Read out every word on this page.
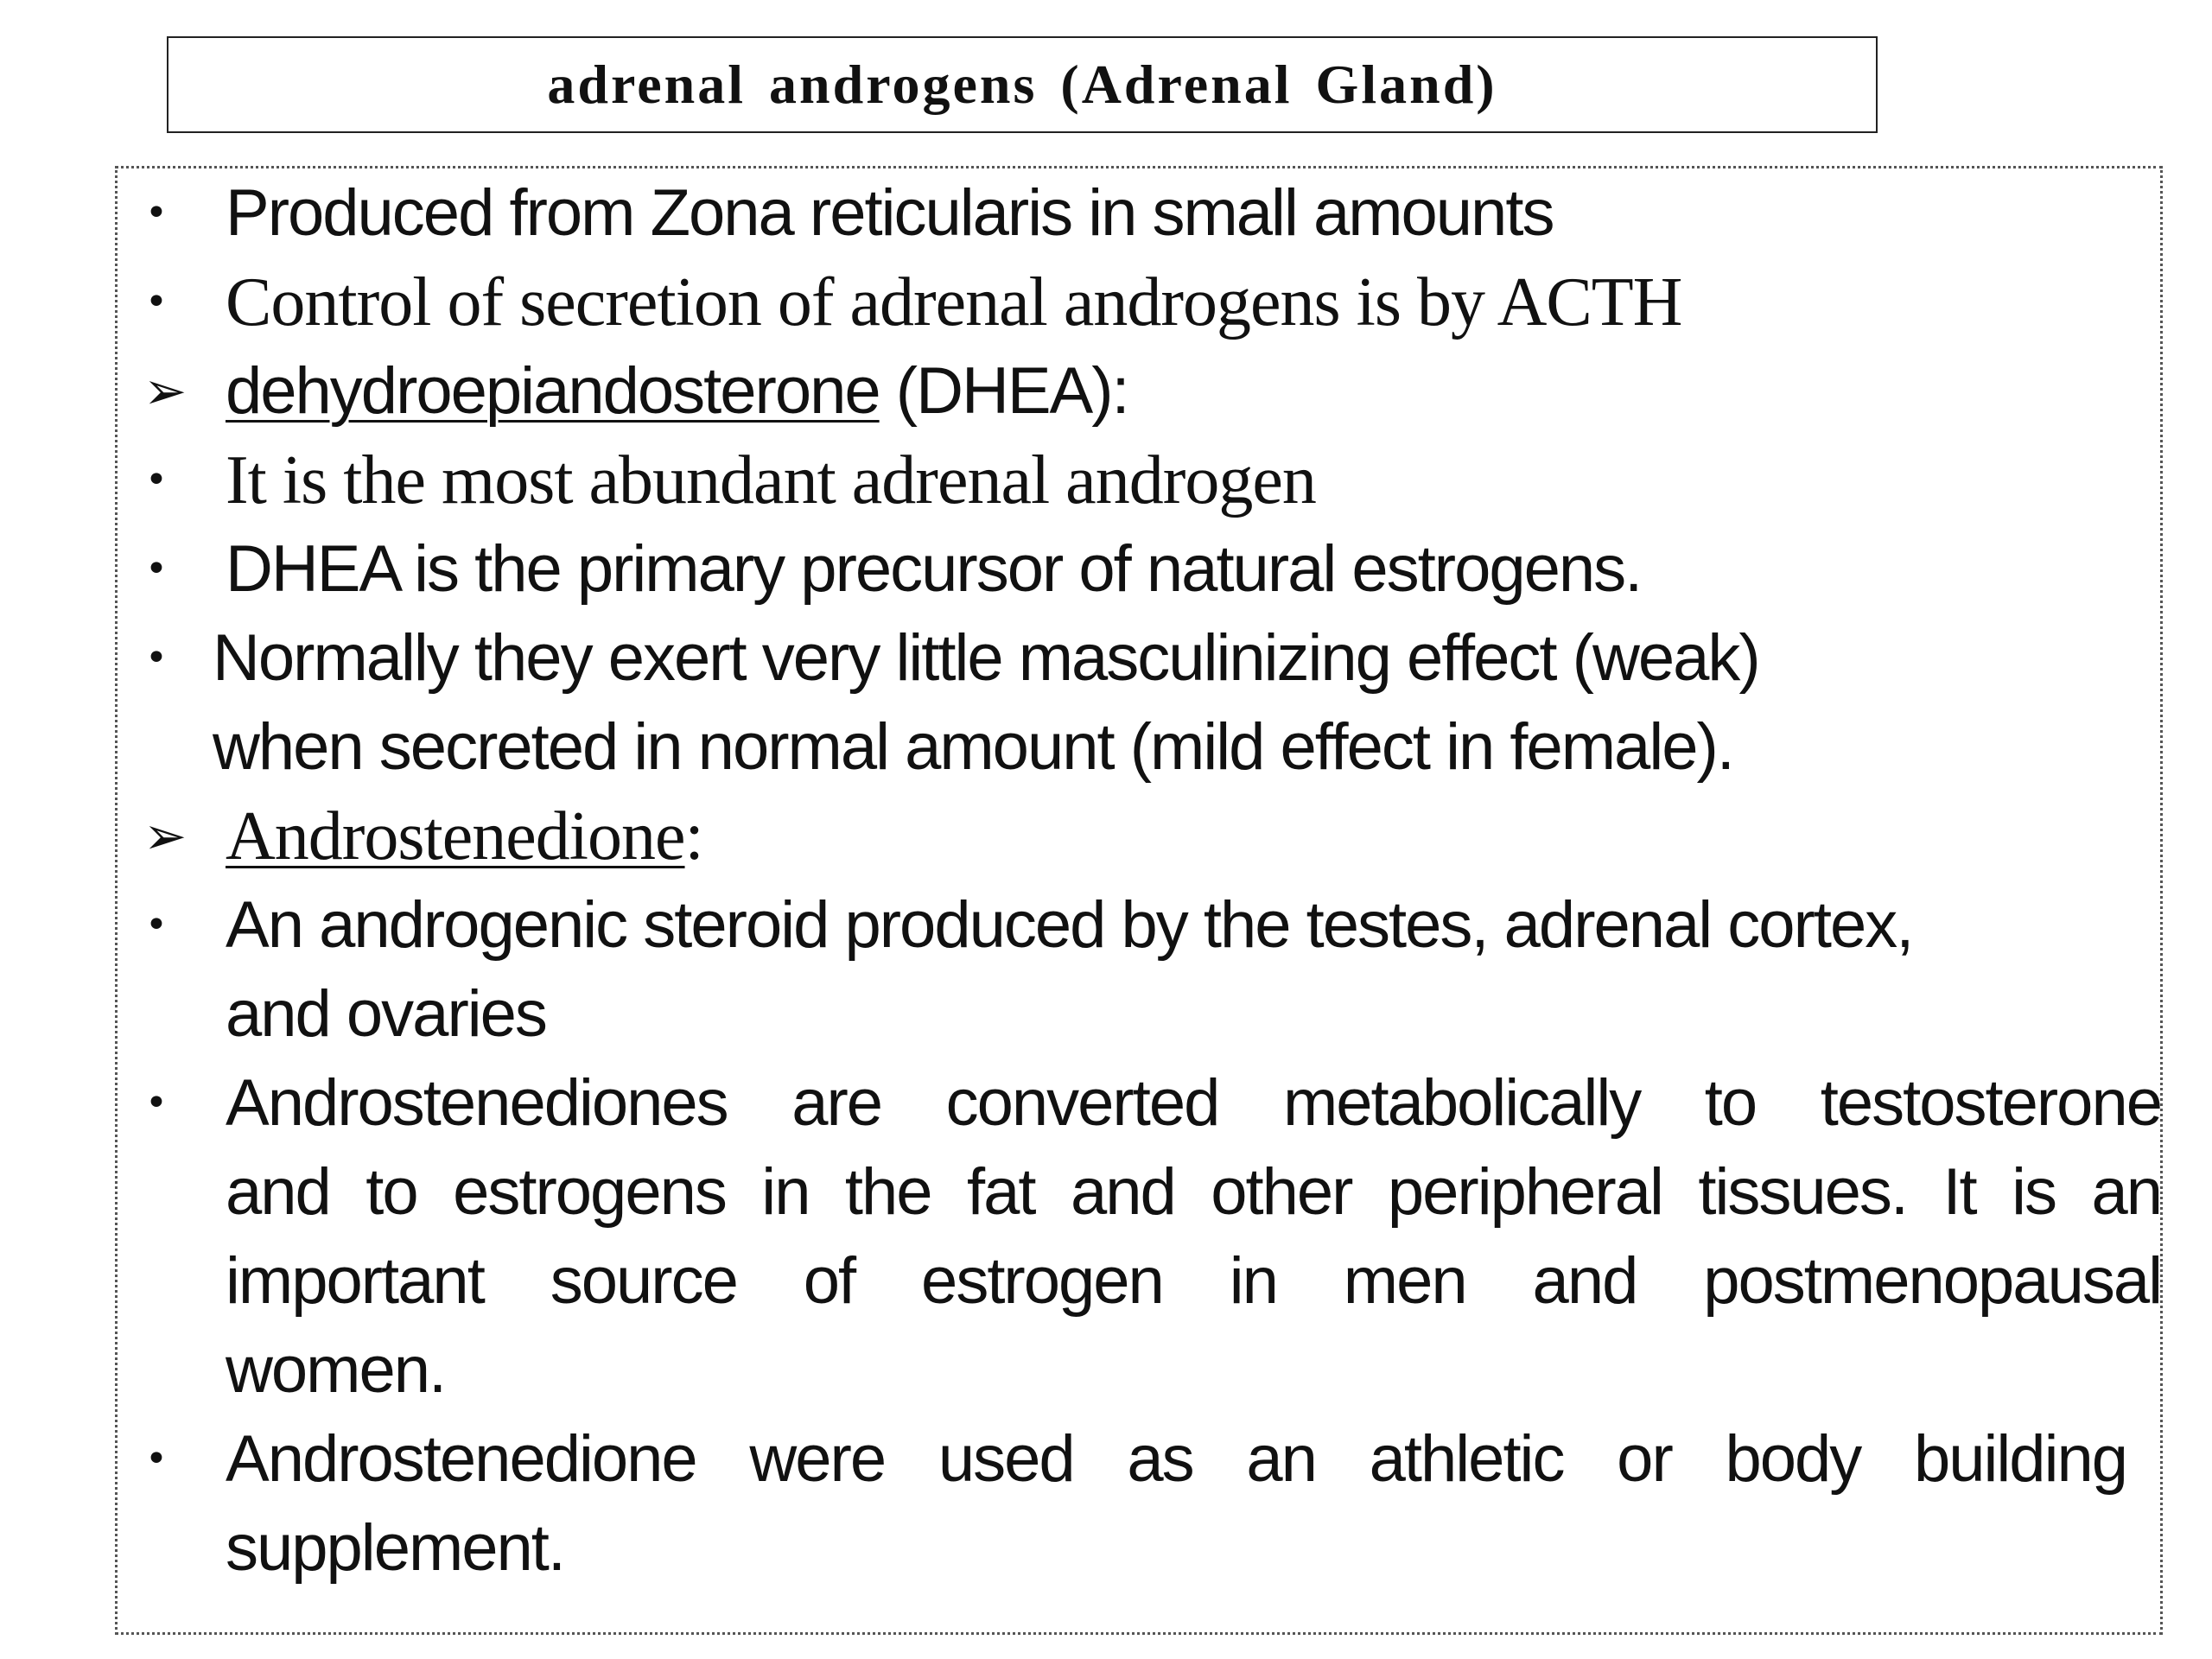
adrenal androgens (Adrenal Gland)
• Produced from Zona reticularis in small amounts
• Control of secretion of adrenal androgens is by ACTH
➢ dehydroepiandosterone (DHEA):
• It is the most abundant adrenal androgen
• DHEA is the primary precursor of natural estrogens.
• Normally they exert very little masculinizing effect (weak)
when secreted in normal amount (mild effect in female).
➢ Androstenedione:
• An androgenic steroid produced by the testes, adrenal cortex,
and ovaries
• Androstenediones are converted metabolically to testosterone
and to estrogens in the fat and other peripheral tissues. It is an
important source of estrogen in men and postmenopausal
women.
• Androstenedione were used as an athletic or body building
supplement.
